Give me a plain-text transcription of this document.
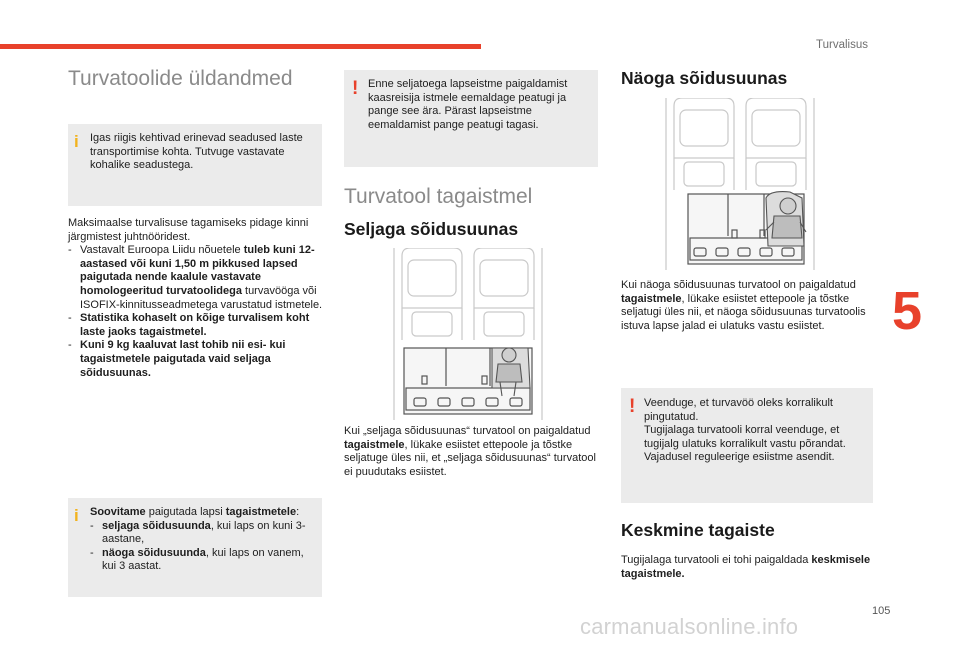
Turvalisus
5
105
carmanualsonline.info
Turvatoolide üldandmed
i Igas riigis kehtivad erinevad seadused laste transportimise kohta. Tutvuge vastavate kohalike seadustega.
Maksimaalse turvalisuse tagamiseks pidage kinni järgmistest juhtnööridest.
- Vastavalt Euroopa Liidu nõuetele tuleb kuni 12-aastased või kuni 1,50 m pikkused lapsed paigutada nende kaalule vastavate homologeeritud turvatoolidega turvavööga või ISOFIX-kinnitusseadmetega varustatud istmetele.
- Statistika kohaselt on kõige turvalisem koht laste jaoks tagaistmetel.
- Kuni 9 kg kaaluvat last tohib nii esi- kui tagaistmetele paigutada vaid seljaga sõidusuunas.
i Soovitame paigutada lapsi tagaistmetele:
- seljaga sõidusuunda, kui laps on kuni 3-aastane,
- näoga sõidusuunda, kui laps on vanem, kui 3 aastat.
! Enne seljatoega lapseistme paigaldamist kaasreisija istmele eemaldage peatugi ja pange see ära. Pärast lapseistme eemaldamist pange peatugi tagasi.
Turvatool tagaistmel
Seljaga sõidusuunas
Kui „seljaga sõidusuunas“ turvatool on paigaldatud tagaistmele, lükake esiistet ettepoole ja tõstke seljatuge üles nii, et „seljaga sõidusuunas“ turvatool ei puudutaks esiistet.
Näoga sõidusuunas
Kui näoga sõidusuunas turvatool on paigaldatud tagaistmele, lükake esiistet ettepoole ja tõstke seljatugi üles nii, et näoga sõidusuunas turvatoolis istuva lapse jalad ei ulatuks vastu esiistet.
! Veenduge, et turvavöö oleks korralikult pingutatud.
Tugijalaga turvatooli korral veenduge, et tugijalg ulatuks korralikult vastu põrandat. Vajadusel reguleerige esiistme asendit.
Keskmine tagaiste
Tugijalaga turvatooli ei tohi paigaldada keskmisele tagaistmele.
